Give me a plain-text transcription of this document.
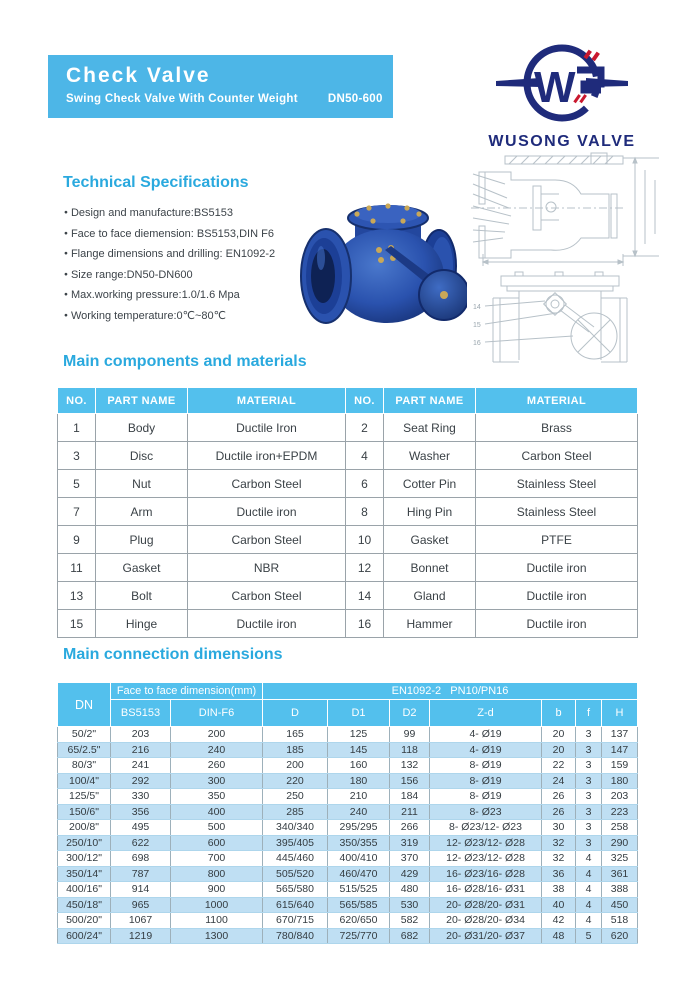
Check Valve
Swing Check Valve With Counter Weight	DN50-600	W
WUSONG VALVE
Technical Specifications
● Design and manufacture:BS5153
● Face to face diemension: BS5153,DIN F6
● Flange dimensions and drilling: EN1092-2
● Size range:DN50-DN600
● Max.working pressure:1.0/1.6 Mpa
● Working temperature:0℃~80℃
14
15
16
Main components and materials
NO.	PART NAME	MATERIAL	NO.	PART NAME	MATERIAL
1	Body	Ductile Iron	2	Seat Ring	Brass
3	Disc	Ductile iron+EPDM	4	Washer	Carbon Steel
5	Nut	Carbon Steel	6	Cotter Pin	Stainless Steel
7	Arm	Ductile iron	8	Hing Pin	Stainless Steel
9	Plug	Carbon Steel	10	Gasket	PTFE
11	Gasket	NBR	12	Bonnet	Ductile iron
13	Bolt	Carbon Steel	14	Gland	Ductile iron
15	Hinge	Ductile iron	16	Hammer	Ductile iron
Main connection dimensions
DN	Face to face dimension(mm)		EN1092-2   PN10/PN16						
	BS5153	DIN-F6	D	D1	D2	Z-d	b	f	H
50/2"	203	200	165	125	99	4- Ø19	20	3	137
65/2.5"	216	240	185	145	118	4- Ø19	20	3	147
80/3"	241	260	200	160	132	8- Ø19	22	3	159
100/4"	292	300	220	180	156	8- Ø19	24	3	180
125/5"	330	350	250	210	184	8- Ø19	26	3	203
150/6"	356	400	285	240	211	8- Ø23	26	3	223
200/8"	495	500	340/340	295/295	266	8- Ø23/12- Ø23	30	3	258
250/10"	622	600	395/405	350/355	319	12- Ø23/12- Ø28	32	3	290
300/12"	698	700	445/460	400/410	370	12- Ø23/12- Ø28	32	4	325
350/14"	787	800	505/520	460/470	429	16- Ø23/16- Ø28	36	4	361
400/16"	914	900	565/580	515/525	480	16- Ø28/16- Ø31	38	4	388
450/18"	965	1000	615/640	565/585	530	20- Ø28/20- Ø31	40	4	450
500/20"	1067	1100	670/715	620/650	582	20- Ø28/20- Ø34	42	4	518
600/24"	1219	1300	780/840	725/770	682	20- Ø31/20- Ø37	48	5	620
